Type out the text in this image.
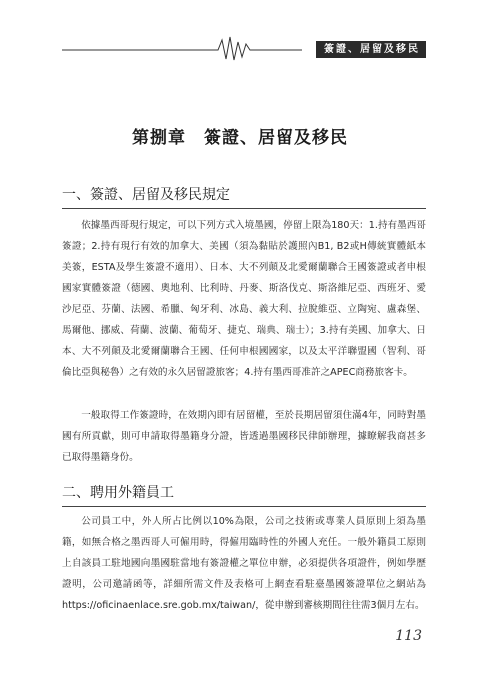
簽證、居留及移民
第捌章　簽證、居留及移民
一、簽證、居留及移民規定

依據墨西哥現行規定，可以下列方式入境墨國，停留上限為180天：1.持有墨西哥簽證；2.持有現行有效的加拿大、美國（須為黏貼於護照內B1, B2或H傳統實體紙本美簽，ESTA及學生簽證不適用）、日本、大不列顛及北愛爾蘭聯合王國簽證或者申根國家實體簽證（德國、奧地利、比利時、丹麥、斯洛伐克、斯洛維尼亞、西班牙、愛沙尼亞、芬蘭、法國、希臘、匈牙利、冰島、義大利、拉脫維亞、立陶宛、盧森堡、馬爾他、挪威、荷蘭、波蘭、葡萄牙、捷克、瑞典、瑞士）；3.持有美國、加拿大、日本、大不列顛及北愛爾蘭聯合王國、任何申根國國家，以及太平洋聯盟國（智利、哥倫比亞與秘魯）之有效的永久居留證旅客；4.持有墨西哥准許之APEC商務旅客卡。

一般取得工作簽證時，在效期內即有居留權，至於長期居留須住滿4年，同時對墨國有所貢獻，則可申請取得墨籍身分證，皆透過墨國移民律師辦理，據瞭解我商甚多已取得墨籍身份。

二、聘用外籍員工

公司員工中，外人所占比例以10%為限，公司之技術或專業人員原則上須為墨籍，如無合格之墨西哥人可僱用時，得僱用臨時性的外國人充任。一般外籍員工原則上自該員工駐地國向墨國駐當地有簽證權之單位申辦，必須提供各項證件，例如學歷證明，公司邀請函等，詳細所需文件及表格可上網查看駐臺墨國簽證單位之網站為https://oficinaenlace.sre.gob.mx/taiwan/，從申辦到審核期間往往需3個月左右。

113
